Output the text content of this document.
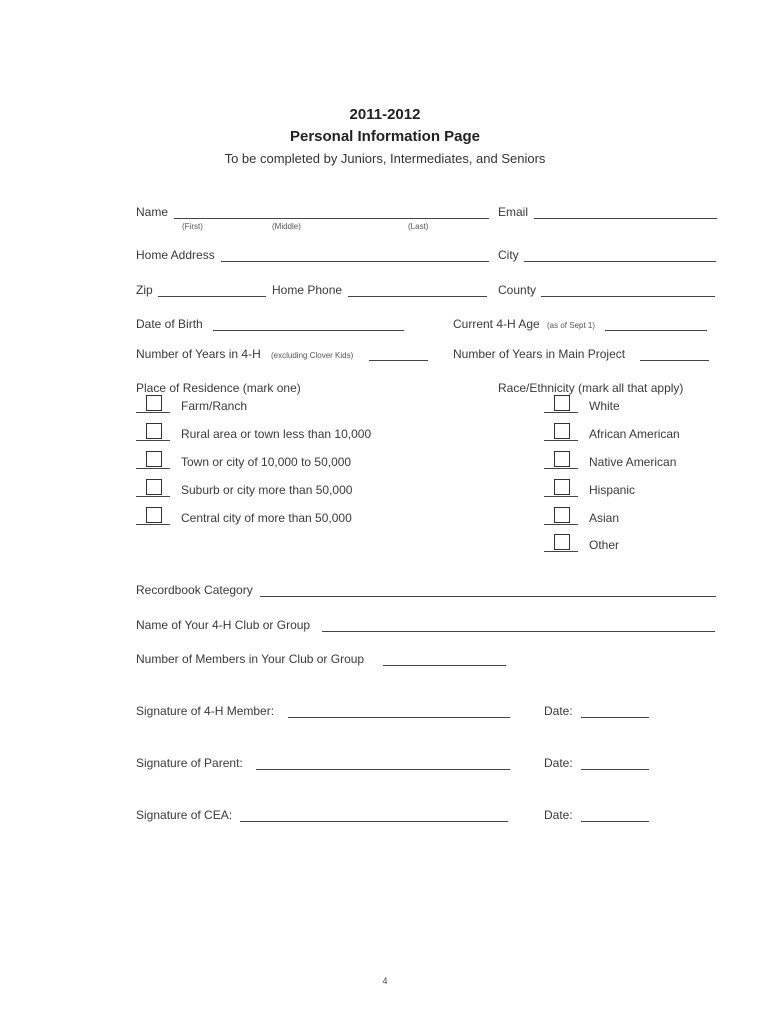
2011-2012
Personal Information Page
To be completed by Juniors, Intermediates, and Seniors
Name
(First)	(Middle)	(Last)
Email
Home Address	City
Zip	Home Phone	County
Date of Birth	Current 4-H Age (as of Sept 1)
Number of Years in 4-H (excluding Clover Kids)	Number of Years in Main Project
Place of Residence (mark one)
Farm/Ranch
Rural area or town less than 10,000
Town or city of 10,000 to 50,000
Suburb or city more than 50,000
Central city of more than 50,000
Race/Ethnicity (mark all that apply)
White
African American
Native American
Hispanic
Asian
Other
Recordbook Category
Name of Your 4-H Club or Group
Number of Members in Your Club or Group
Signature of 4-H Member:	Date:
Signature of Parent:	Date:
Signature of CEA:	Date:
4
